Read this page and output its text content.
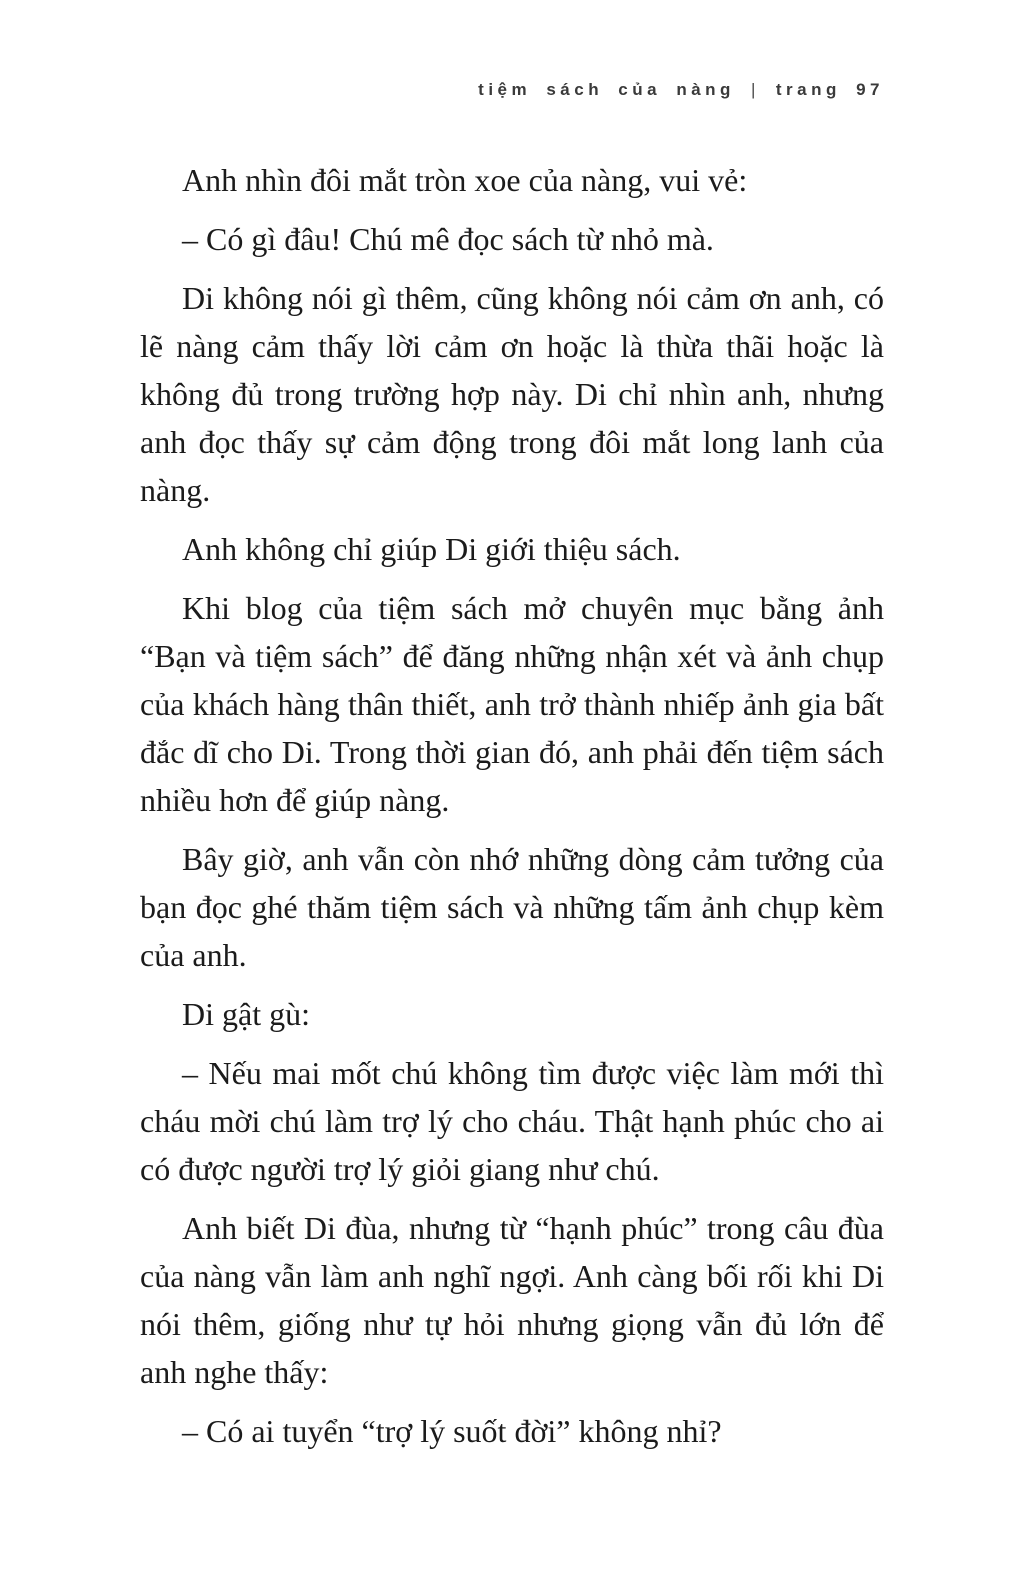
tiệm sách của nàng | trang 97

Anh nhìn đôi mắt tròn xoe của nàng, vui vẻ:

– Có gì đâu! Chú mê đọc sách từ nhỏ mà.

Di không nói gì thêm, cũng không nói cảm ơn anh, có lẽ nàng cảm thấy lời cảm ơn hoặc là thừa thãi hoặc là không đủ trong trường hợp này. Di chỉ nhìn anh, nhưng anh đọc thấy sự cảm động trong đôi mắt long lanh của nàng.

Anh không chỉ giúp Di giới thiệu sách.

Khi blog của tiệm sách mở chuyên mục bằng ảnh “Bạn và tiệm sách” để đăng những nhận xét và ảnh chụp của khách hàng thân thiết, anh trở thành nhiếp ảnh gia bất đắc dĩ cho Di. Trong thời gian đó, anh phải đến tiệm sách nhiều hơn để giúp nàng.

Bây giờ, anh vẫn còn nhớ những dòng cảm tưởng của bạn đọc ghé thăm tiệm sách và những tấm ảnh chụp kèm của anh.

Di gật gù:

– Nếu mai mốt chú không tìm được việc làm mới thì cháu mời chú làm trợ lý cho cháu. Thật hạnh phúc cho ai có được người trợ lý giỏi giang như chú.

Anh biết Di đùa, nhưng từ “hạnh phúc” trong câu đùa của nàng vẫn làm anh nghĩ ngợi. Anh càng bối rối khi Di nói thêm, giống như tự hỏi nhưng giọng vẫn đủ lớn để anh nghe thấy:

– Có ai tuyển “trợ lý suốt đời” không nhỉ?
